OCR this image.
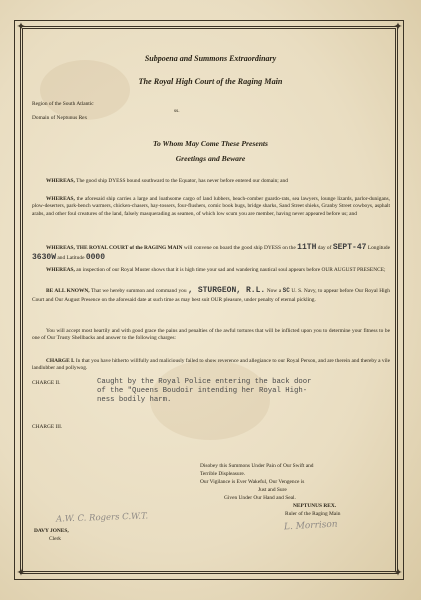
✦	✦
✦	✦
Subpoena and Summons Extraordinary
The Royal High Court of the Raging Main
Region of the South Atlantic
ss.
Domain of Neptunus Rex
To Whom May Come These Presents
Greetings and Beware
WHEREAS, The good ship DYESS bound southward to the Equator, has never before entered our domain; and
WHEREAS, the aforesaid ship carries a large and loathsome cargo of land lubbers, beach-comber guardo-rats, sea lawyers, lounge lizards, parlor-dunigans, plow-deserters, park-bench warmers, chicken-chasers, hay-tossers, four-flushers, comic book bugs, bridge sharks, Sand Street shieks, Granby Street cowboys, asphalt arabs, and other foul creatures of the land, falsely masquerading as seamen, of which low scum you are member, having never appeared before us; and
WHEREAS, THE ROYAL COURT of the RAGING MAIN will convene on board the good ship DYESS on the 11TH day of SEPT-47 Longitude 3630W and Latitude 0000
WHEREAS, an inspection of our Royal Muster shows that it is high time your sad and wandering nautical soul appears before OUR AUGUST PRESENCE;
BE ALL KNOWN, That we hereby summon and command you , STURGEON, R.L. Now a SC U. S. Navy, to appear before Our Royal High Court and Our August Presence on the aforesaid date at such time as may best suit OUR pleasure, under penalty of eternal pickling.
You will accept most heartily and with good grace the pains and penalties of the awful tortures that will be inflicted upon you to determine your fitness to be one of Our Trusty Shellbacks and answer to the following charges:
CHARGE I. In that you have hitherto willfully and maliciously failed to show reverence and allegiance to our Royal Person, and are therein and thereby a vile landlubber and pollywog.
CHARGE II.	Caught by the Royal Police entering the back door
of the "Queens Boudoir intending her Royal High-
ness bodily harm.
CHARGE III.
Disobey this Summons Under Pain of Our Swift and
Terrible Displeasure.
Our Vigilance is Ever Wakeful, Our Vengence is
Just and Sure
Given Under Our Hand and Seal.
NEPTUNUS REX.
Ruler of the Raging Main
A.W. C. Rogers C.W.T.
L. Morrison
DAVY JONES,
Clerk
